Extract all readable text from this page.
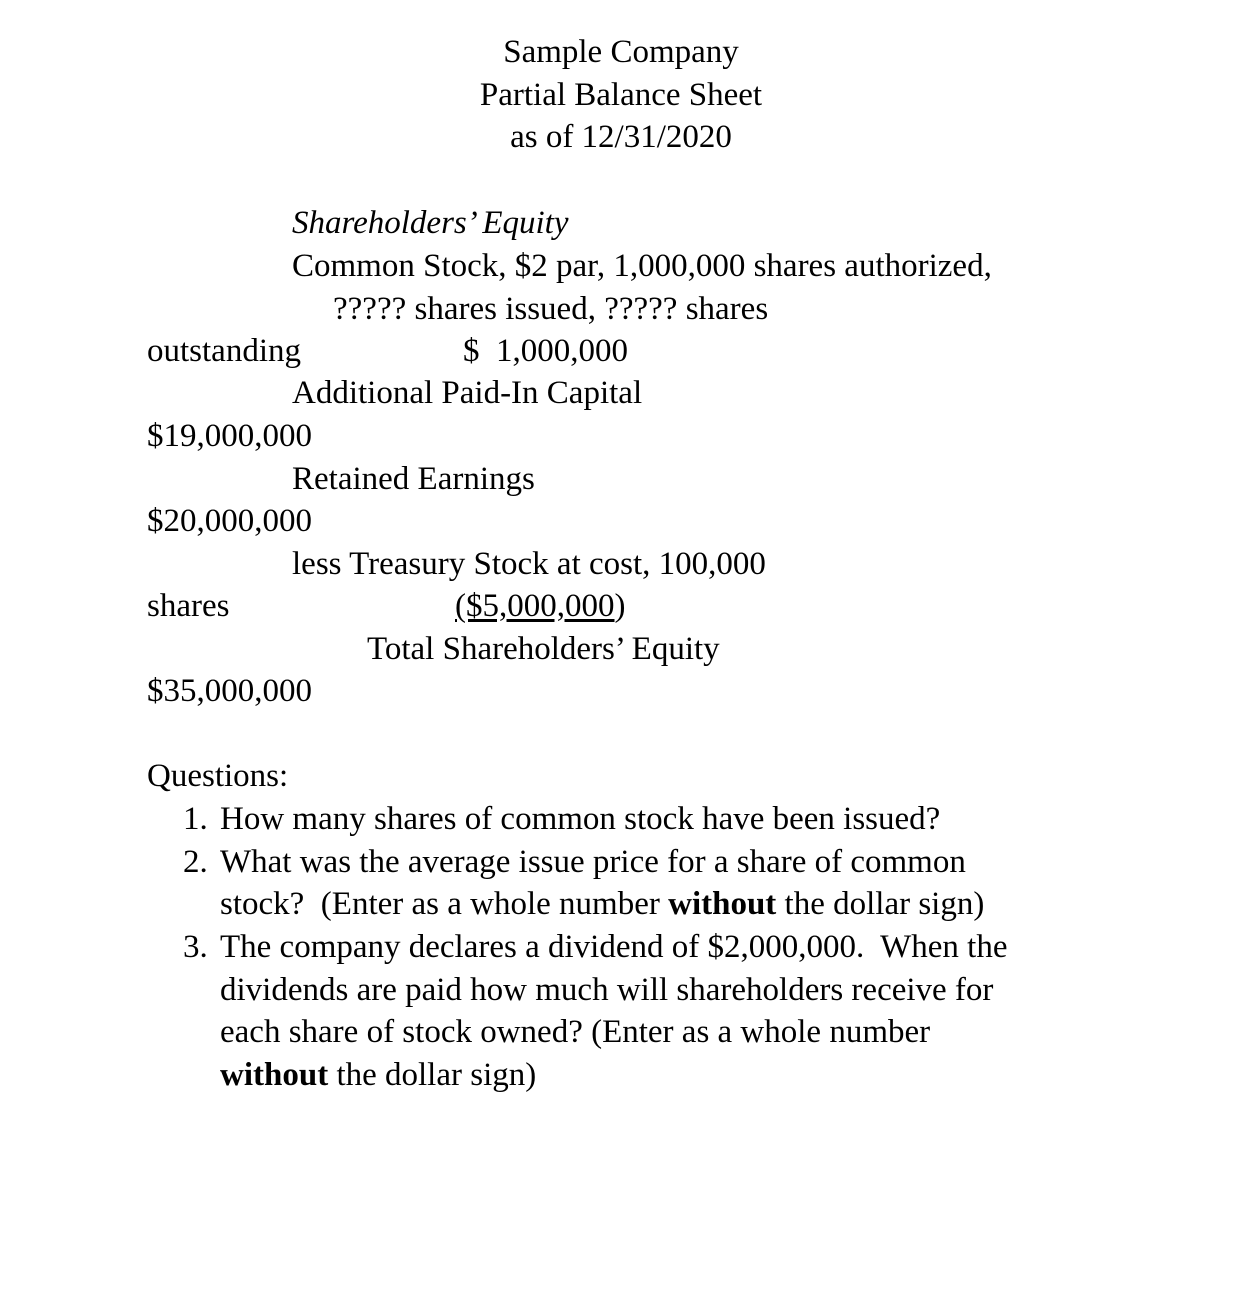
Sample Company
Partial Balance Sheet
as of 12/31/2020
Shareholders’ Equity
Common Stock, $2 par, 1,000,000 shares authorized,
????? shares issued, ????? shares
outstanding	$  1,000,000
Additional Paid-In Capital
$19,000,000
Retained Earnings
$20,000,000
less Treasury Stock at cost, 100,000
shares	($5,000,000)
Total Shareholders’ Equity
$35,000,000
Questions:
1. How many shares of common stock have been issued?
2. What was the average issue price for a share of common
stock?  (Enter as a whole number without the dollar sign)
3. The company declares a dividend of $2,000,000.  When the
dividends are paid how much will shareholders receive for
each share of stock owned? (Enter as a whole number
without the dollar sign)
